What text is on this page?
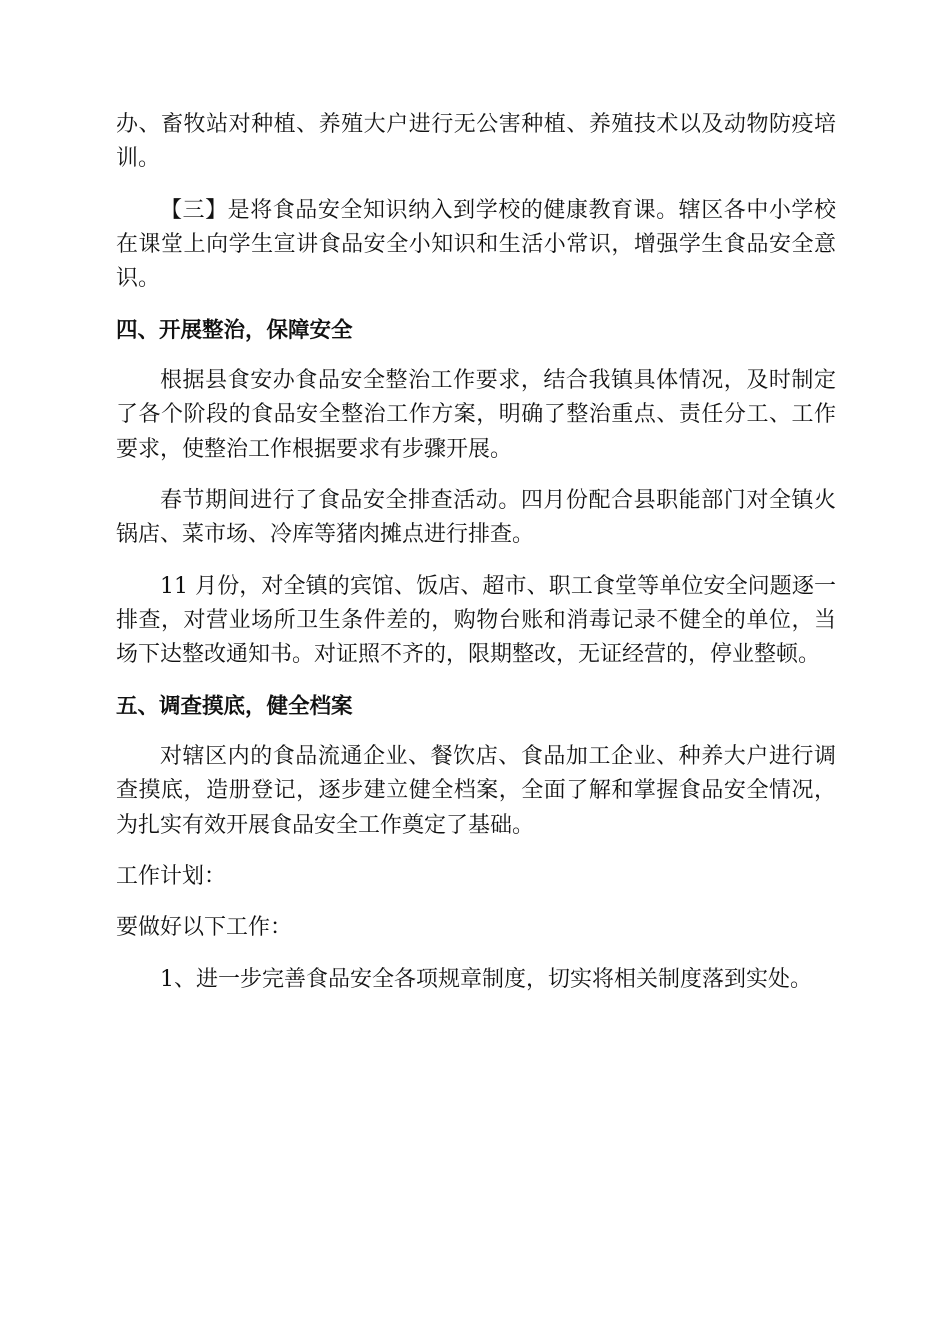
办、畜牧站对种植、养殖大户进行无公害种植、养殖技术以及动物防疫培训。

【三】是将食品安全知识纳入到学校的健康教育课。辖区各中小学校在课堂上向学生宣讲食品安全小知识和生活小常识，增强学生食品安全意识。

四、开展整治，保障安全

根据县食安办食品安全整治工作要求，结合我镇具体情况，及时制定了各个阶段的食品安全整治工作方案，明确了整治重点、责任分工、工作要求，使整治工作根据要求有步骤开展。

春节期间进行了食品安全排查活动。四月份配合县职能部门对全镇火锅店、菜市场、冷库等猪肉摊点进行排查。

11 月份，对全镇的宾馆、饭店、超市、职工食堂等单位安全问题逐一排查，对营业场所卫生条件差的，购物台账和消毒记录不健全的单位，当场下达整改通知书。对证照不齐的，限期整改，无证经营的，停业整顿。

五、调查摸底，健全档案

对辖区内的食品流通企业、餐饮店、食品加工企业、种养大户进行调查摸底，造册登记，逐步建立健全档案，全面了解和掌握食品安全情况，为扎实有效开展食品安全工作奠定了基础。

工作计划：

要做好以下工作：

1、进一步完善食品安全各项规章制度，切实将相关制度落到实处。
